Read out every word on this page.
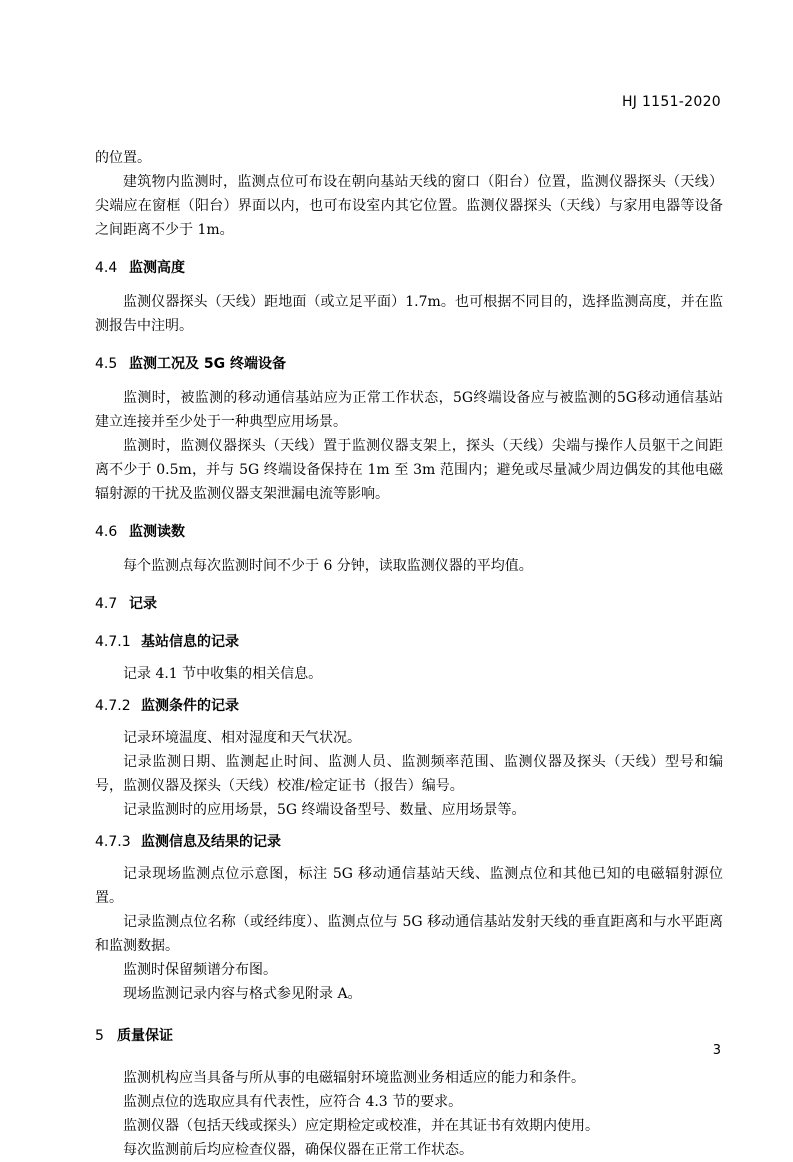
HJ 1151-2020

的位置。

建筑物内监测时，监测点位可布设在朝向基站天线的窗口（阳台）位置，监测仪器探头（天线）尖端应在窗框（阳台）界面以内，也可布设室内其它位置。监测仪器探头（天线）与家用电器等设备之间距离不少于 1m。

4.4 监测高度

监测仪器探头（天线）距地面（或立足平面）1.7m。也可根据不同目的，选择监测高度，并在监测报告中注明。

4.5 监测工况及 5G 终端设备

监测时，被监测的移动通信基站应为正常工作状态，5G终端设备应与被监测的5G移动通信基站建立连接并至少处于一种典型应用场景。

监测时，监测仪器探头（天线）置于监测仪器支架上，探头（天线）尖端与操作人员躯干之间距离不少于 0.5m，并与 5G 终端设备保持在 1m 至 3m 范围内；避免或尽量减少周边偶发的其他电磁辐射源的干扰及监测仪器支架泄漏电流等影响。

4.6 监测读数

每个监测点每次监测时间不少于 6 分钟，读取监测仪器的平均值。

4.7 记录
4.7.1 基站信息的记录

记录 4.1 节中收集的相关信息。

4.7.2 监测条件的记录

记录环境温度、相对湿度和天气状况。

记录监测日期、监测起止时间、监测人员、监测频率范围、监测仪器及探头（天线）型号和编号，监测仪器及探头（天线）校准/检定证书（报告）编号。

记录监测时的应用场景，5G 终端设备型号、数量、应用场景等。

4.7.3 监测信息及结果的记录

记录现场监测点位示意图，标注 5G 移动通信基站天线、监测点位和其他已知的电磁辐射源位置。

记录监测点位名称（或经纬度）、监测点位与 5G 移动通信基站发射天线的垂直距离和与水平距离和监测数据。

监测时保留频谱分布图。

现场监测记录内容与格式参见附录 A。

5 质量保证

监测机构应当具备与所从事的电磁辐射环境监测业务相适应的能力和条件。

监测点位的选取应具有代表性，应符合 4.3 节的要求。

监测仪器（包括天线或探头）应定期检定或校准，并在其证书有效期内使用。

每次监测前后均应检查仪器，确保仪器在正常工作状态。

3
